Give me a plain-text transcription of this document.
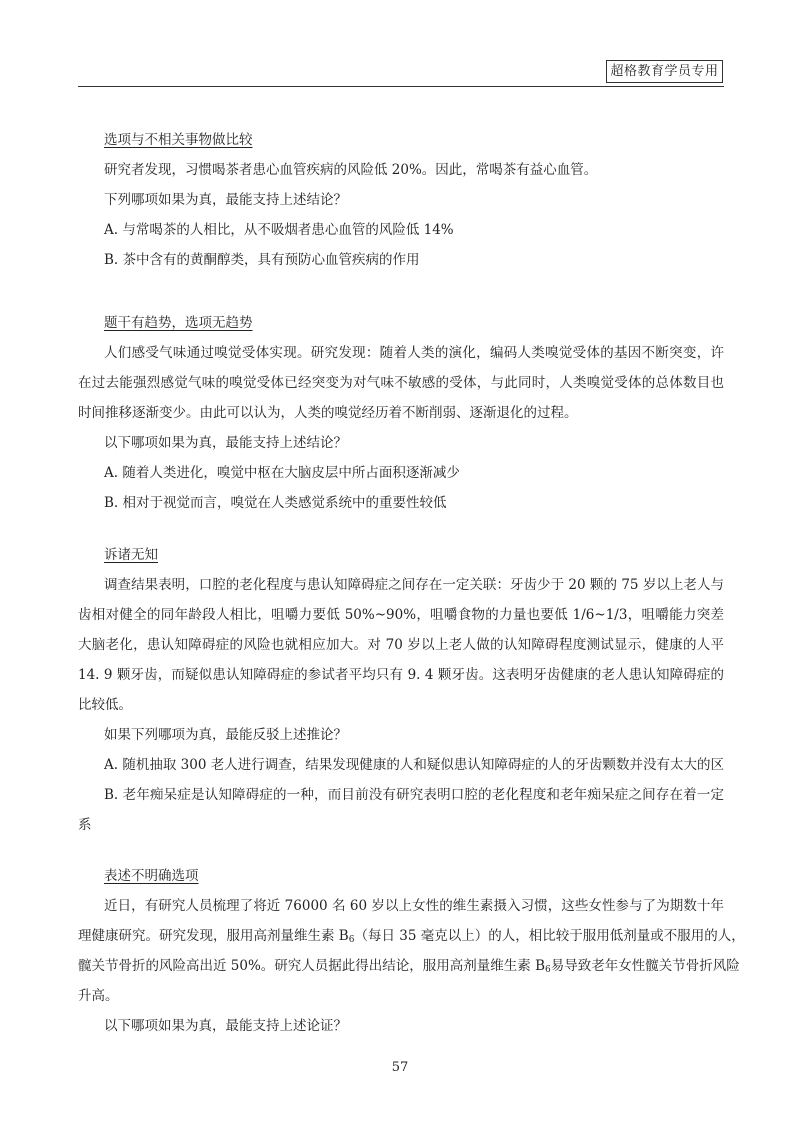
超格教育学员专用

选项与不相关事物做比较

研究者发现，习惯喝茶者患心血管疾病的风险低 20%。因此，常喝茶有益心血管。

下列哪项如果为真，最能支持上述结论？

A. 与常喝茶的人相比，从不吸烟者患心血管的风险低 14%

B. 茶中含有的黄酮醇类，具有预防心血管疾病的作用

题干有趋势，选项无趋势

人们感受气味通过嗅觉受体实现。研究发现：随着人类的演化，编码人类嗅觉受体的基因不断突变，许

在过去能强烈感觉气味的嗅觉受体已经突变为对气味不敏感的受体，与此同时，人类嗅觉受体的总体数目也

时间推移逐渐变少。由此可以认为，人类的嗅觉经历着不断削弱、逐渐退化的过程。

以下哪项如果为真，最能支持上述结论？

A. 随着人类进化，嗅觉中枢在大脑皮层中所占面积逐渐减少

B. 相对于视觉而言，嗅觉在人类感觉系统中的重要性较低

诉诸无知

调查结果表明，口腔的老化程度与患认知障碍症之间存在一定关联：牙齿少于 20 颗的 75 岁以上老人与

齿相对健全的同年龄段人相比，咀嚼力要低 50%~90%，咀嚼食物的力量也要低 1/6~1/3，咀嚼能力突差

大脑老化，患认知障碍症的风险也就相应加大。对 70 岁以上老人做的认知障碍程度测试显示，健康的人平

14. 9 颗牙齿，而疑似患认知障碍症的参试者平均只有 9. 4 颗牙齿。这表明牙齿健康的老人患认知障碍症的

比较低。

如果下列哪项为真，最能反驳上述推论？

A. 随机抽取 300 老人进行调查，结果发现健康的人和疑似患认知障碍症的人的牙齿颗数并没有太大的区

B. 老年痴呆症是认知障碍症的一种，而目前没有研究表明口腔的老化程度和老年痴呆症之间存在着一定

系

表述不明确选项

近日，有研究人员梳理了将近 76000 名 60 岁以上女性的维生素摄入习惯，这些女性参与了为期数十年

理健康研究。研究发现，服用高剂量维生素 $B_6$（每日 35 毫克以上）的人，相比较于服用低剂量或不服用的人，

髋关节骨折的风险高出近 50%。研究人员据此得出结论，服用高剂量维生素 $B_6$易导致老年女性髋关节骨折风险

升高。

以下哪项如果为真，最能支持上述论证？

57
